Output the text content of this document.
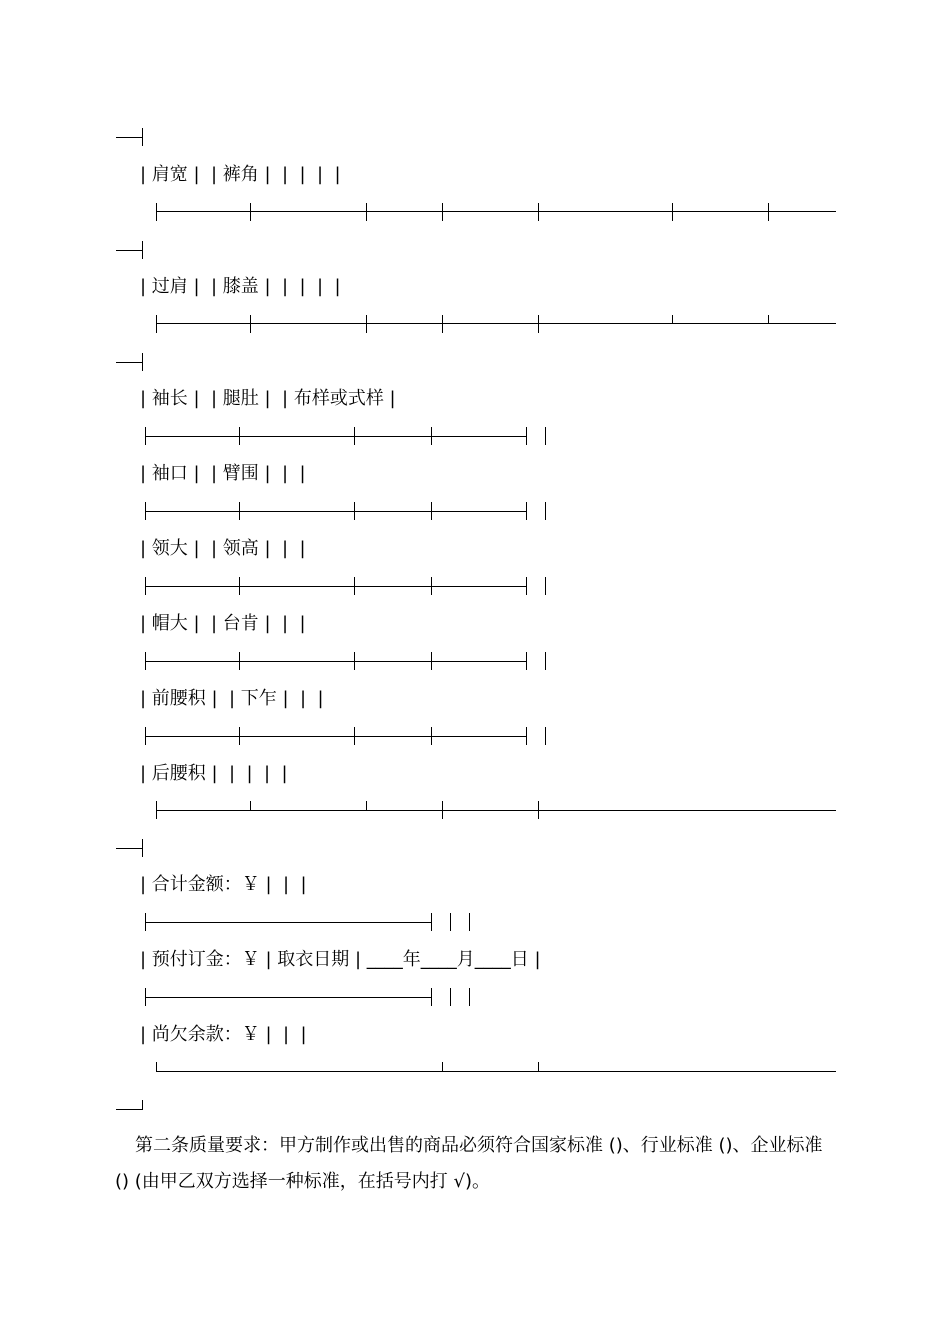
| 肩宽 |  | 裤角 |  |  |  |  |
| 过肩 |  | 膝盖 |  |  |  |  |
| 袖长 |  | 腿肚 |  | 布样或式样 |
| 袖口 |  | 臂围 |  |  |
| 领大 |  | 领高 |  |  |
| 帽大 |  | 台肯 |  |  |
| 前腰积 |  | 下乍 |  |  |
| 后腰积 |  |  |  |  |
| 合计金额：￥ |  |  |
| 预付订金：￥ | 取衣日期 | ____年____月____日 |
| 尚欠余款：￥ |  |  |
第二条质量要求：甲方制作或出售的商品必须符合国家标准 ()、行业标准 ()、企业标准 () (由甲乙双方选择一种标准，在括号内打 √)。
